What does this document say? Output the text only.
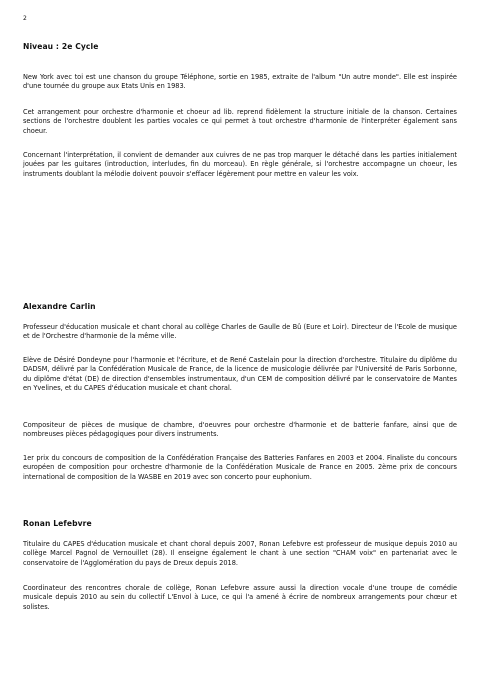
2
Niveau : 2e Cycle

New York avec toi est une chanson du groupe Téléphone, sortie en 1985, extraite de l'album "Un autre monde". Elle est inspirée d'une tournée du groupe aux Etats Unis en 1983.

Cet arrangement pour orchestre d'harmonie et choeur ad lib. reprend fidèlement la structure initiale de la chanson. Certaines sections de l'orchestre doublent les parties vocales ce qui permet à tout orchestre d'harmonie de l'interpréter également sans choeur.

Concernant l'interprétation, il convient de demander aux cuivres de ne pas trop marquer le détaché dans les parties initialement jouées par les guitares (introduction, interludes, fin du morceau). En règle générale, si l'orchestre accompagne un choeur, les instruments doublant la mélodie doivent pouvoir s'effacer légèrement pour mettre en valeur les voix.

Alexandre Carlin

Professeur d'éducation musicale et chant choral au collège Charles de Gaulle de Bû (Eure et Loir). Directeur de l'Ecole de musique et de l'Orchestre d'harmonie de la même ville.

Elève de Désiré Dondeyne pour l'harmonie et l'écriture, et de René Castelain pour la direction d'orchestre. Titulaire du diplôme du DADSM, délivré par la Confédération Musicale de France, de la licence de musicologie délivrée par l'Université de Paris Sorbonne, du diplôme d'état (DE) de direction d'ensembles instrumentaux, d'un CEM de composition délivré par le conservatoire de Mantes en Yvelines, et du CAPES d'éducation musicale et chant choral.

Compositeur de pièces de musique de chambre, d'oeuvres pour orchestre d'harmonie et de batterie fanfare, ainsi que de nombreuses pièces pédagogiques pour divers instruments.

1er prix du concours de composition de la Confédération Française des Batteries Fanfares en 2003 et 2004. Finaliste du concours européen de composition pour orchestre d'harmonie de la Confédération Musicale de France en 2005. 2ème prix de concours international de composition de la WASBE en 2019 avec son concerto pour euphonium.

Ronan Lefebvre

Titulaire du CAPES d'éducation musicale et chant choral depuis 2007, Ronan Lefebvre est professeur de musique depuis 2010 au collège Marcel Pagnol de Vernouillet (28). Il enseigne également le chant à une section "CHAM voix" en partenariat avec le conservatoire de l'Agglomération du pays de Dreux depuis 2018.

Coordinateur des rencontres chorale de collège, Ronan Lefebvre assure aussi la direction vocale d'une troupe de comédie musicale depuis 2010 au sein du collectif L'Envol à Luce, ce qui l'a amené à écrire de nombreux arrangements pour chœur et solistes.
